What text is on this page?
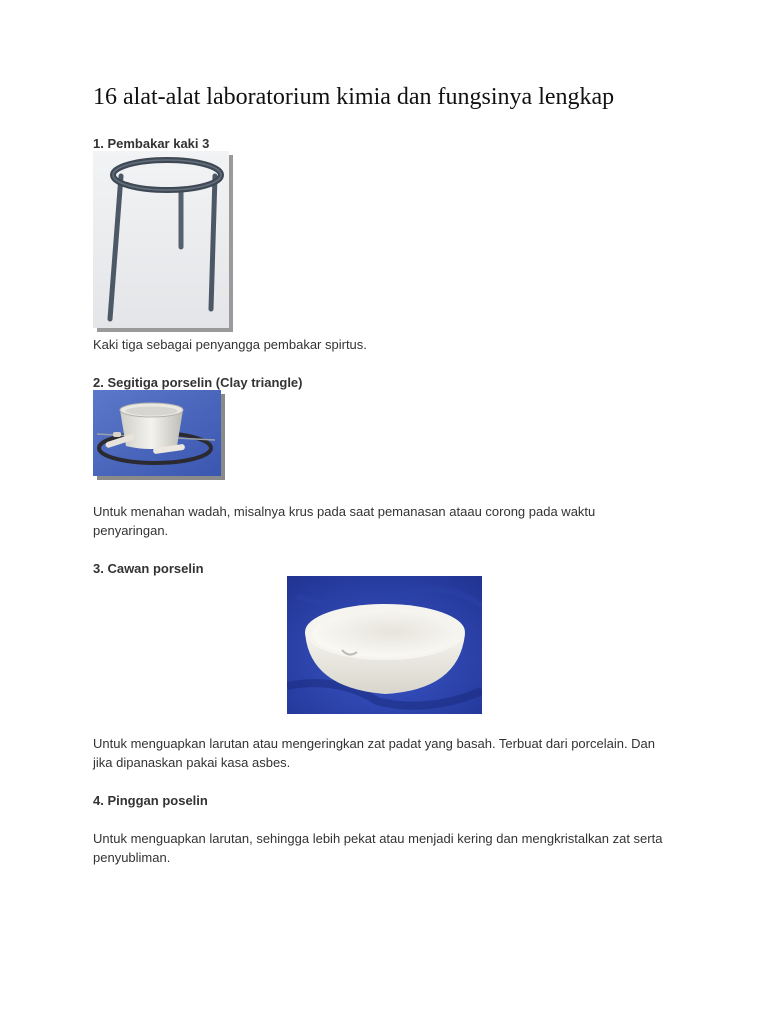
16 alat-alat laboratorium kimia dan fungsinya lengkap

1. Pembakar kaki 3

Kaki tiga sebagai penyangga pembakar spirtus.

2. Segitiga porselin (Clay triangle)

Untuk menahan wadah, misalnya krus pada saat pemanasan ataau corong pada waktu penyaringan.

3. Cawan porselin

Untuk menguapkan larutan atau mengeringkan zat padat yang basah. Terbuat dari porcelain. Dan jika dipanaskan pakai kasa asbes.

4. Pinggan poselin

Untuk menguapkan larutan, sehingga lebih pekat atau menjadi kering dan mengkristalkan zat serta penyubliman.
